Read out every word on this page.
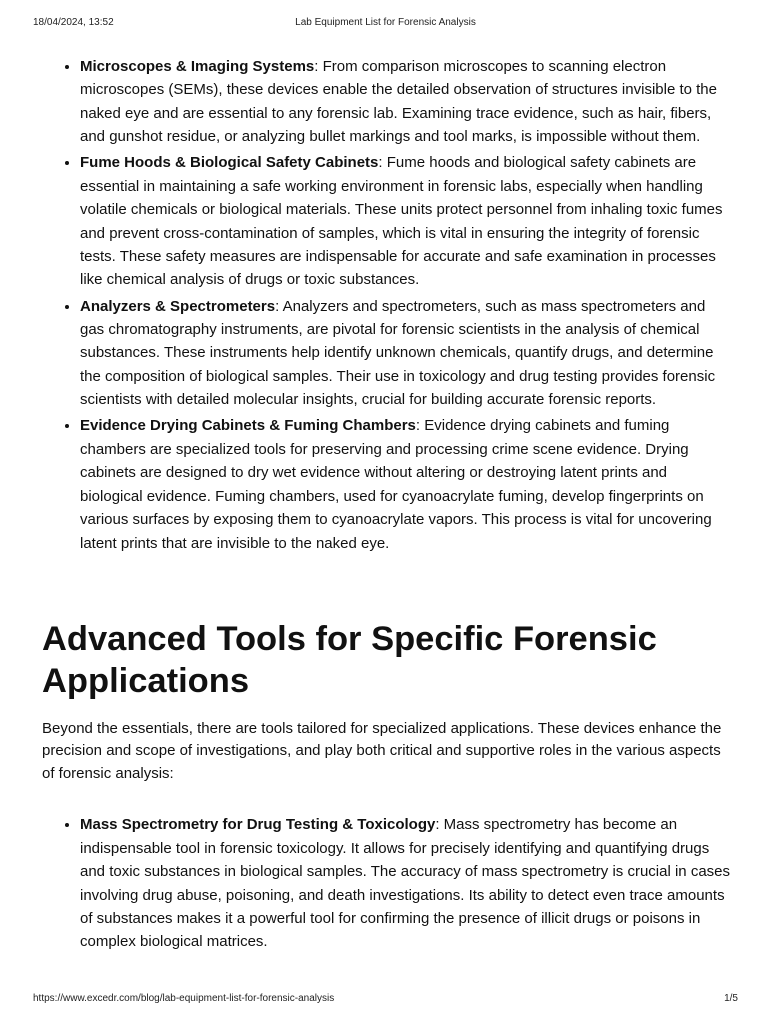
18/04/2024, 13:52	Lab Equipment List for Forensic Analysis
• Microscopes & Imaging Systems: From comparison microscopes to scanning electron microscopes (SEMs), these devices enable the detailed observation of structures invisible to the naked eye and are essential to any forensic lab. Examining trace evidence, such as hair, fibers, and gunshot residue, or analyzing bullet markings and tool marks, is impossible without them.
• Fume Hoods & Biological Safety Cabinets: Fume hoods and biological safety cabinets are essential in maintaining a safe working environment in forensic labs, especially when handling volatile chemicals or biological materials. These units protect personnel from inhaling toxic fumes and prevent cross-contamination of samples, which is vital in ensuring the integrity of forensic tests. These safety measures are indispensable for accurate and safe examination in processes like chemical analysis of drugs or toxic substances.
• Analyzers & Spectrometers: Analyzers and spectrometers, such as mass spectrometers and gas chromatography instruments, are pivotal for forensic scientists in the analysis of chemical substances. These instruments help identify unknown chemicals, quantify drugs, and determine the composition of biological samples. Their use in toxicology and drug testing provides forensic scientists with detailed molecular insights, crucial for building accurate forensic reports.
• Evidence Drying Cabinets & Fuming Chambers: Evidence drying cabinets and fuming chambers are specialized tools for preserving and processing crime scene evidence. Drying cabinets are designed to dry wet evidence without altering or destroying latent prints and biological evidence. Fuming chambers, used for cyanoacrylate fuming, develop fingerprints on various surfaces by exposing them to cyanoacrylate vapors. This process is vital for uncovering latent prints that are invisible to the naked eye.
Advanced Tools for Specific Forensic Applications

Beyond the essentials, there are tools tailored for specialized applications. These devices enhance the precision and scope of investigations, and play both critical and supportive roles in the various aspects of forensic analysis:

• Mass Spectrometry for Drug Testing & Toxicology: Mass spectrometry has become an indispensable tool in forensic toxicology. It allows for precisely identifying and quantifying drugs and toxic substances in biological samples. The accuracy of mass spectrometry is crucial in cases involving drug abuse, poisoning, and death investigations. Its ability to detect even trace amounts of substances makes it a powerful tool for confirming the presence of illicit drugs or poisons in complex biological matrices.
https://www.excedr.com/blog/lab-equipment-list-for-forensic-analysis	1/5
